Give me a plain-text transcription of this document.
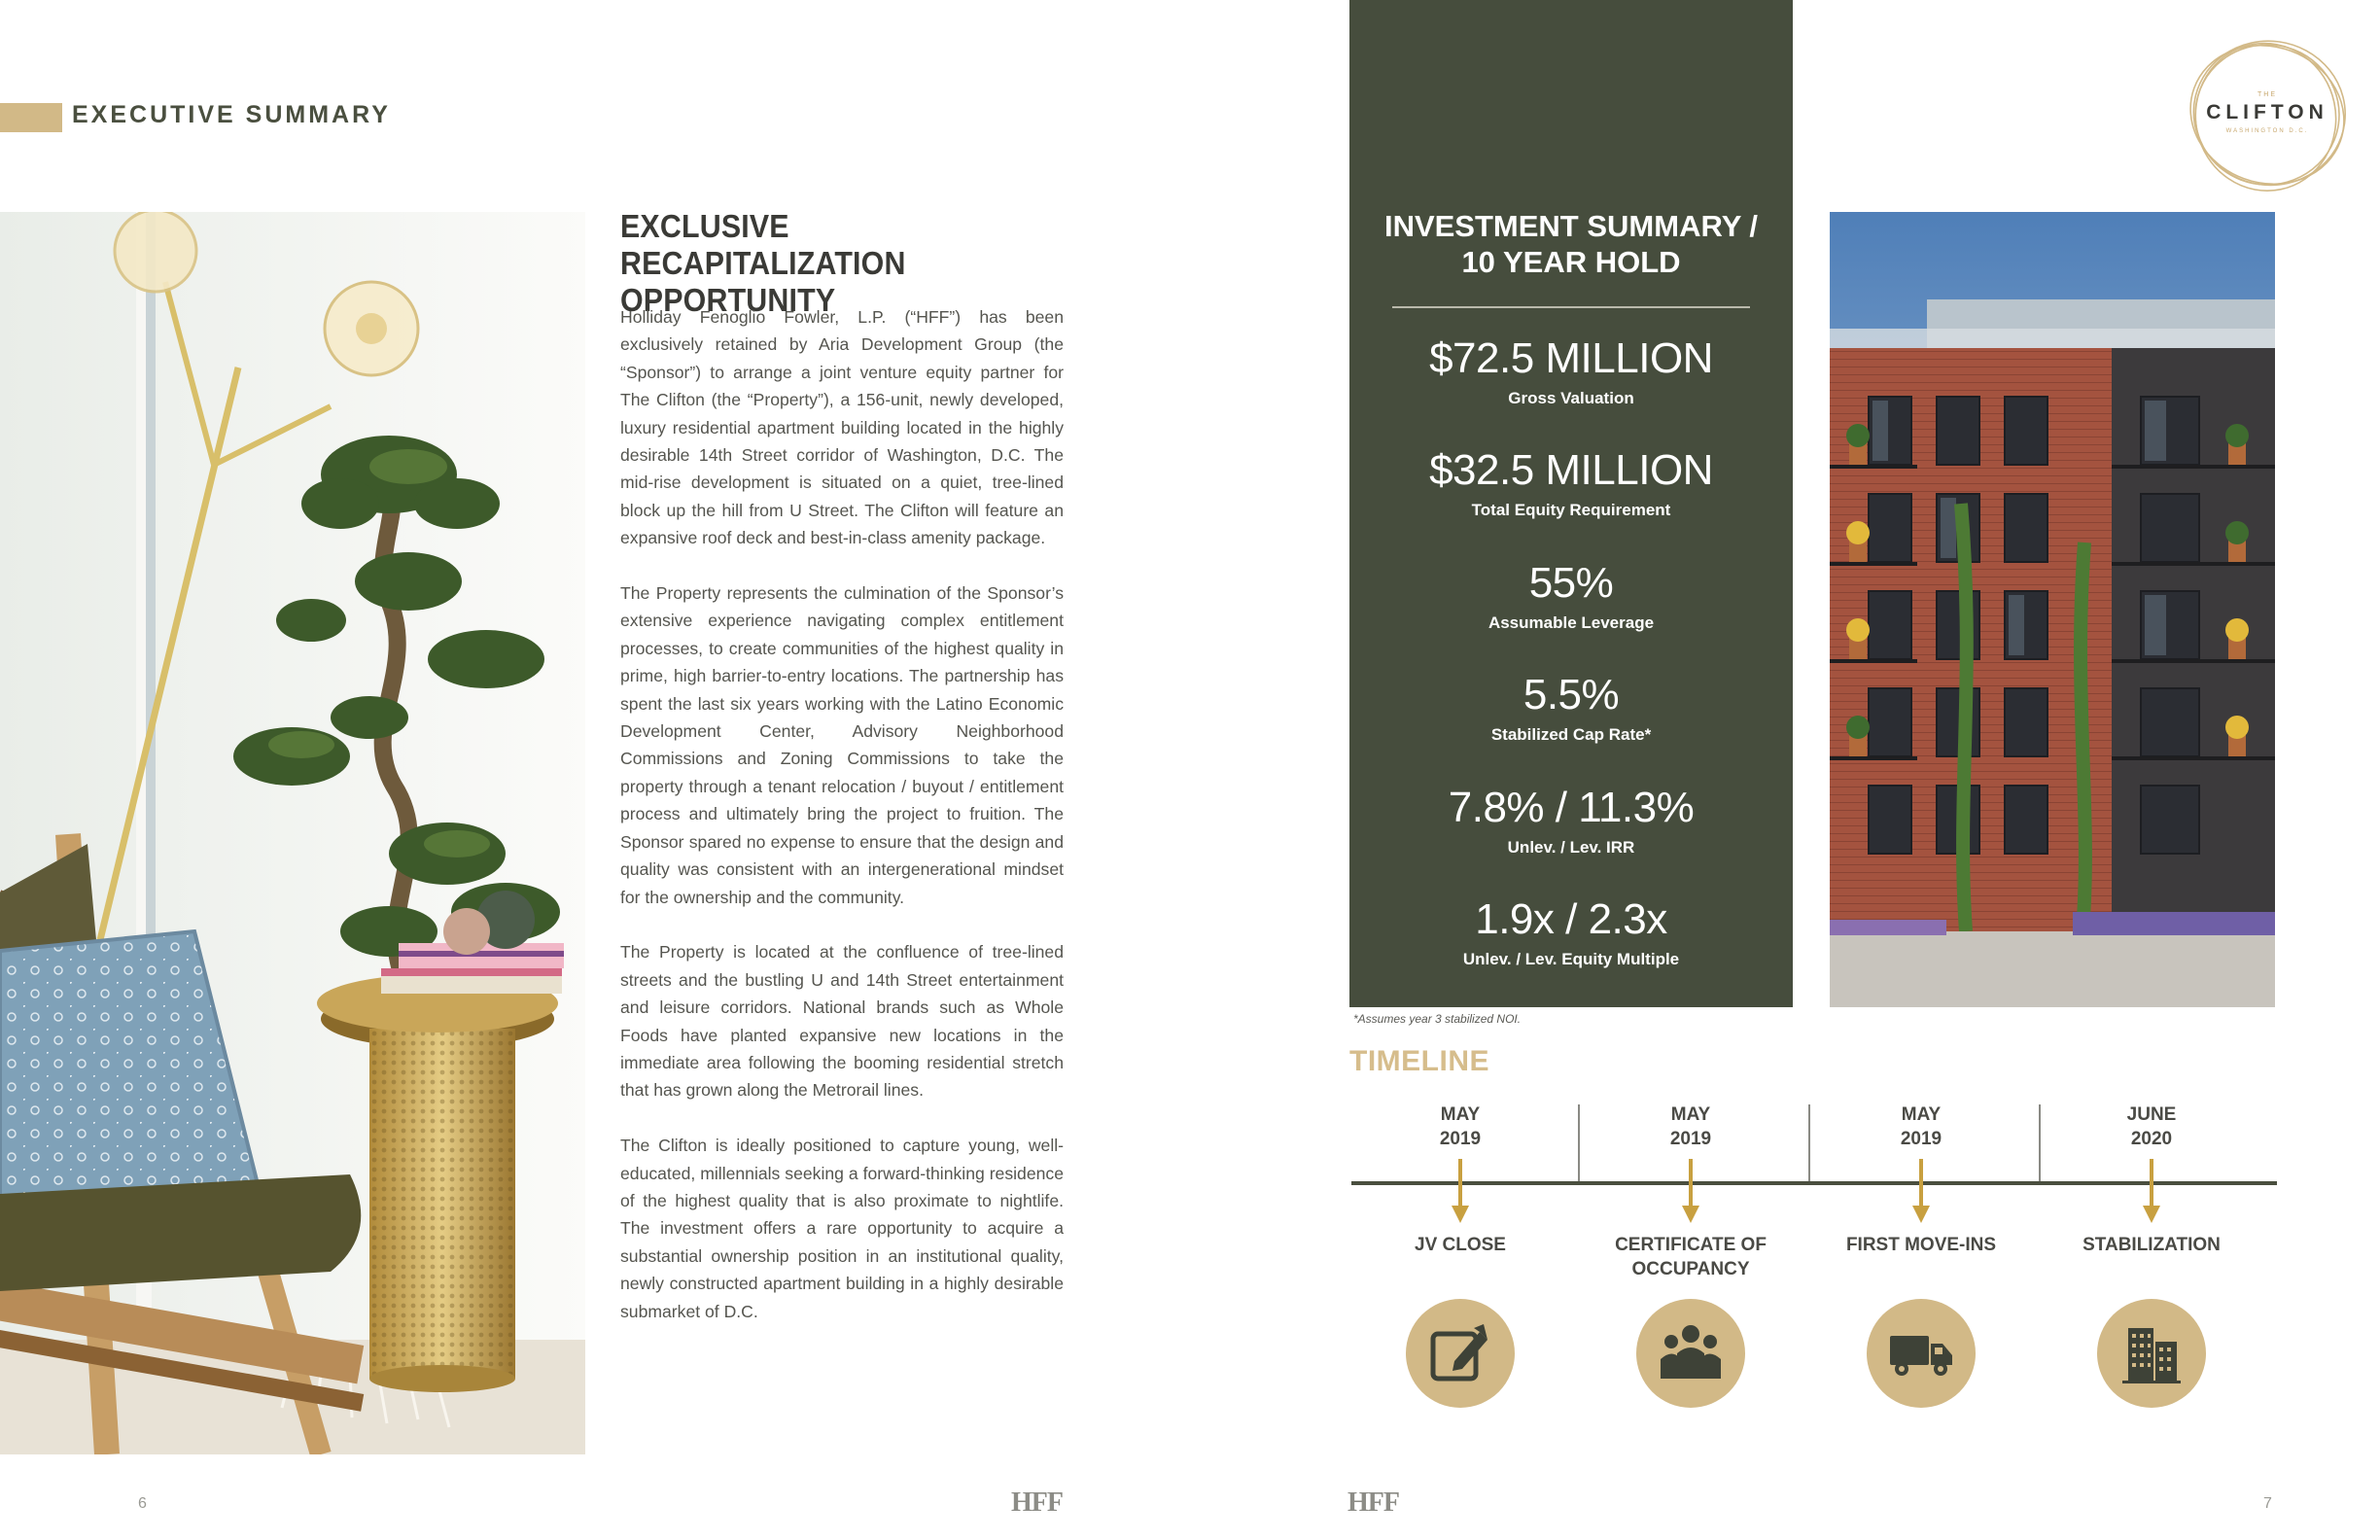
EXECUTIVE SUMMARY
EXCLUSIVE RECAPITALIZATION OPPORTUNITY

Holliday Fenoglio Fowler, L.P. (“HFF”) has been exclusively retained by Aria Development Group (the “Sponsor”) to arrange a joint venture equity partner for The Clifton (the “Property”), a 156-unit, newly developed, luxury residential apartment building located in the highly desirable 14th Street corridor of Washington, D.C. The mid-rise development is situated on a quiet, tree-lined block up the hill from U Street. The Clifton will feature an expansive roof deck and best-in-class amenity package.

The Property represents the culmination of the Sponsor’s extensive experience navigating complex entitlement processes, to create communities of the highest quality in prime, high barrier-to-entry locations. The partnership has spent the last six years working with the Latino Economic Development Center, Advisory Neighborhood Commissions and Zoning Commissions to take the property through a tenant relocation / buyout / entitlement process and ultimately bring the project to fruition. The Sponsor spared no expense to ensure that the design and quality was consistent with an intergenerational mindset for the ownership and the community.

The Property is located at the confluence of tree-lined streets and the bustling U and 14th Street entertainment and leisure corridors. National brands such as Whole Foods have planted expansive new locations in the immediate area following the booming residential stretch that has grown along the Metrorail lines.

The Clifton is ideally positioned to capture young, well-educated, millennials seeking a forward-thinking residence of the highest quality that is also proximate to nightlife. The investment offers a rare opportunity to acquire a substantial ownership position in an institutional quality, newly constructed apartment building in a highly desirable submarket of D.C.

6	HFF	HFF	7
INVESTMENT SUMMARY /
10 YEAR HOLD
$72.5 MILLION
Gross Valuation
$32.5 MILLION
Total Equity Requirement
55%
Assumable Leverage
5.5%
Stabilized Cap Rate*
7.8% / 11.3%
Unlev. / Lev. IRR
1.9x / 2.3x
Unlev. / Lev. Equity Multiple
*Assumes year 3 stabilized NOI.
THE
CLIFTON
WASHINGTON D.C.
TIMELINE
MAY
2019
JV CLOSE
MAY
2019
CERTIFICATE OF
OCCUPANCY
MAY
2019
FIRST MOVE-INS
JUNE
2020
STABILIZATION
